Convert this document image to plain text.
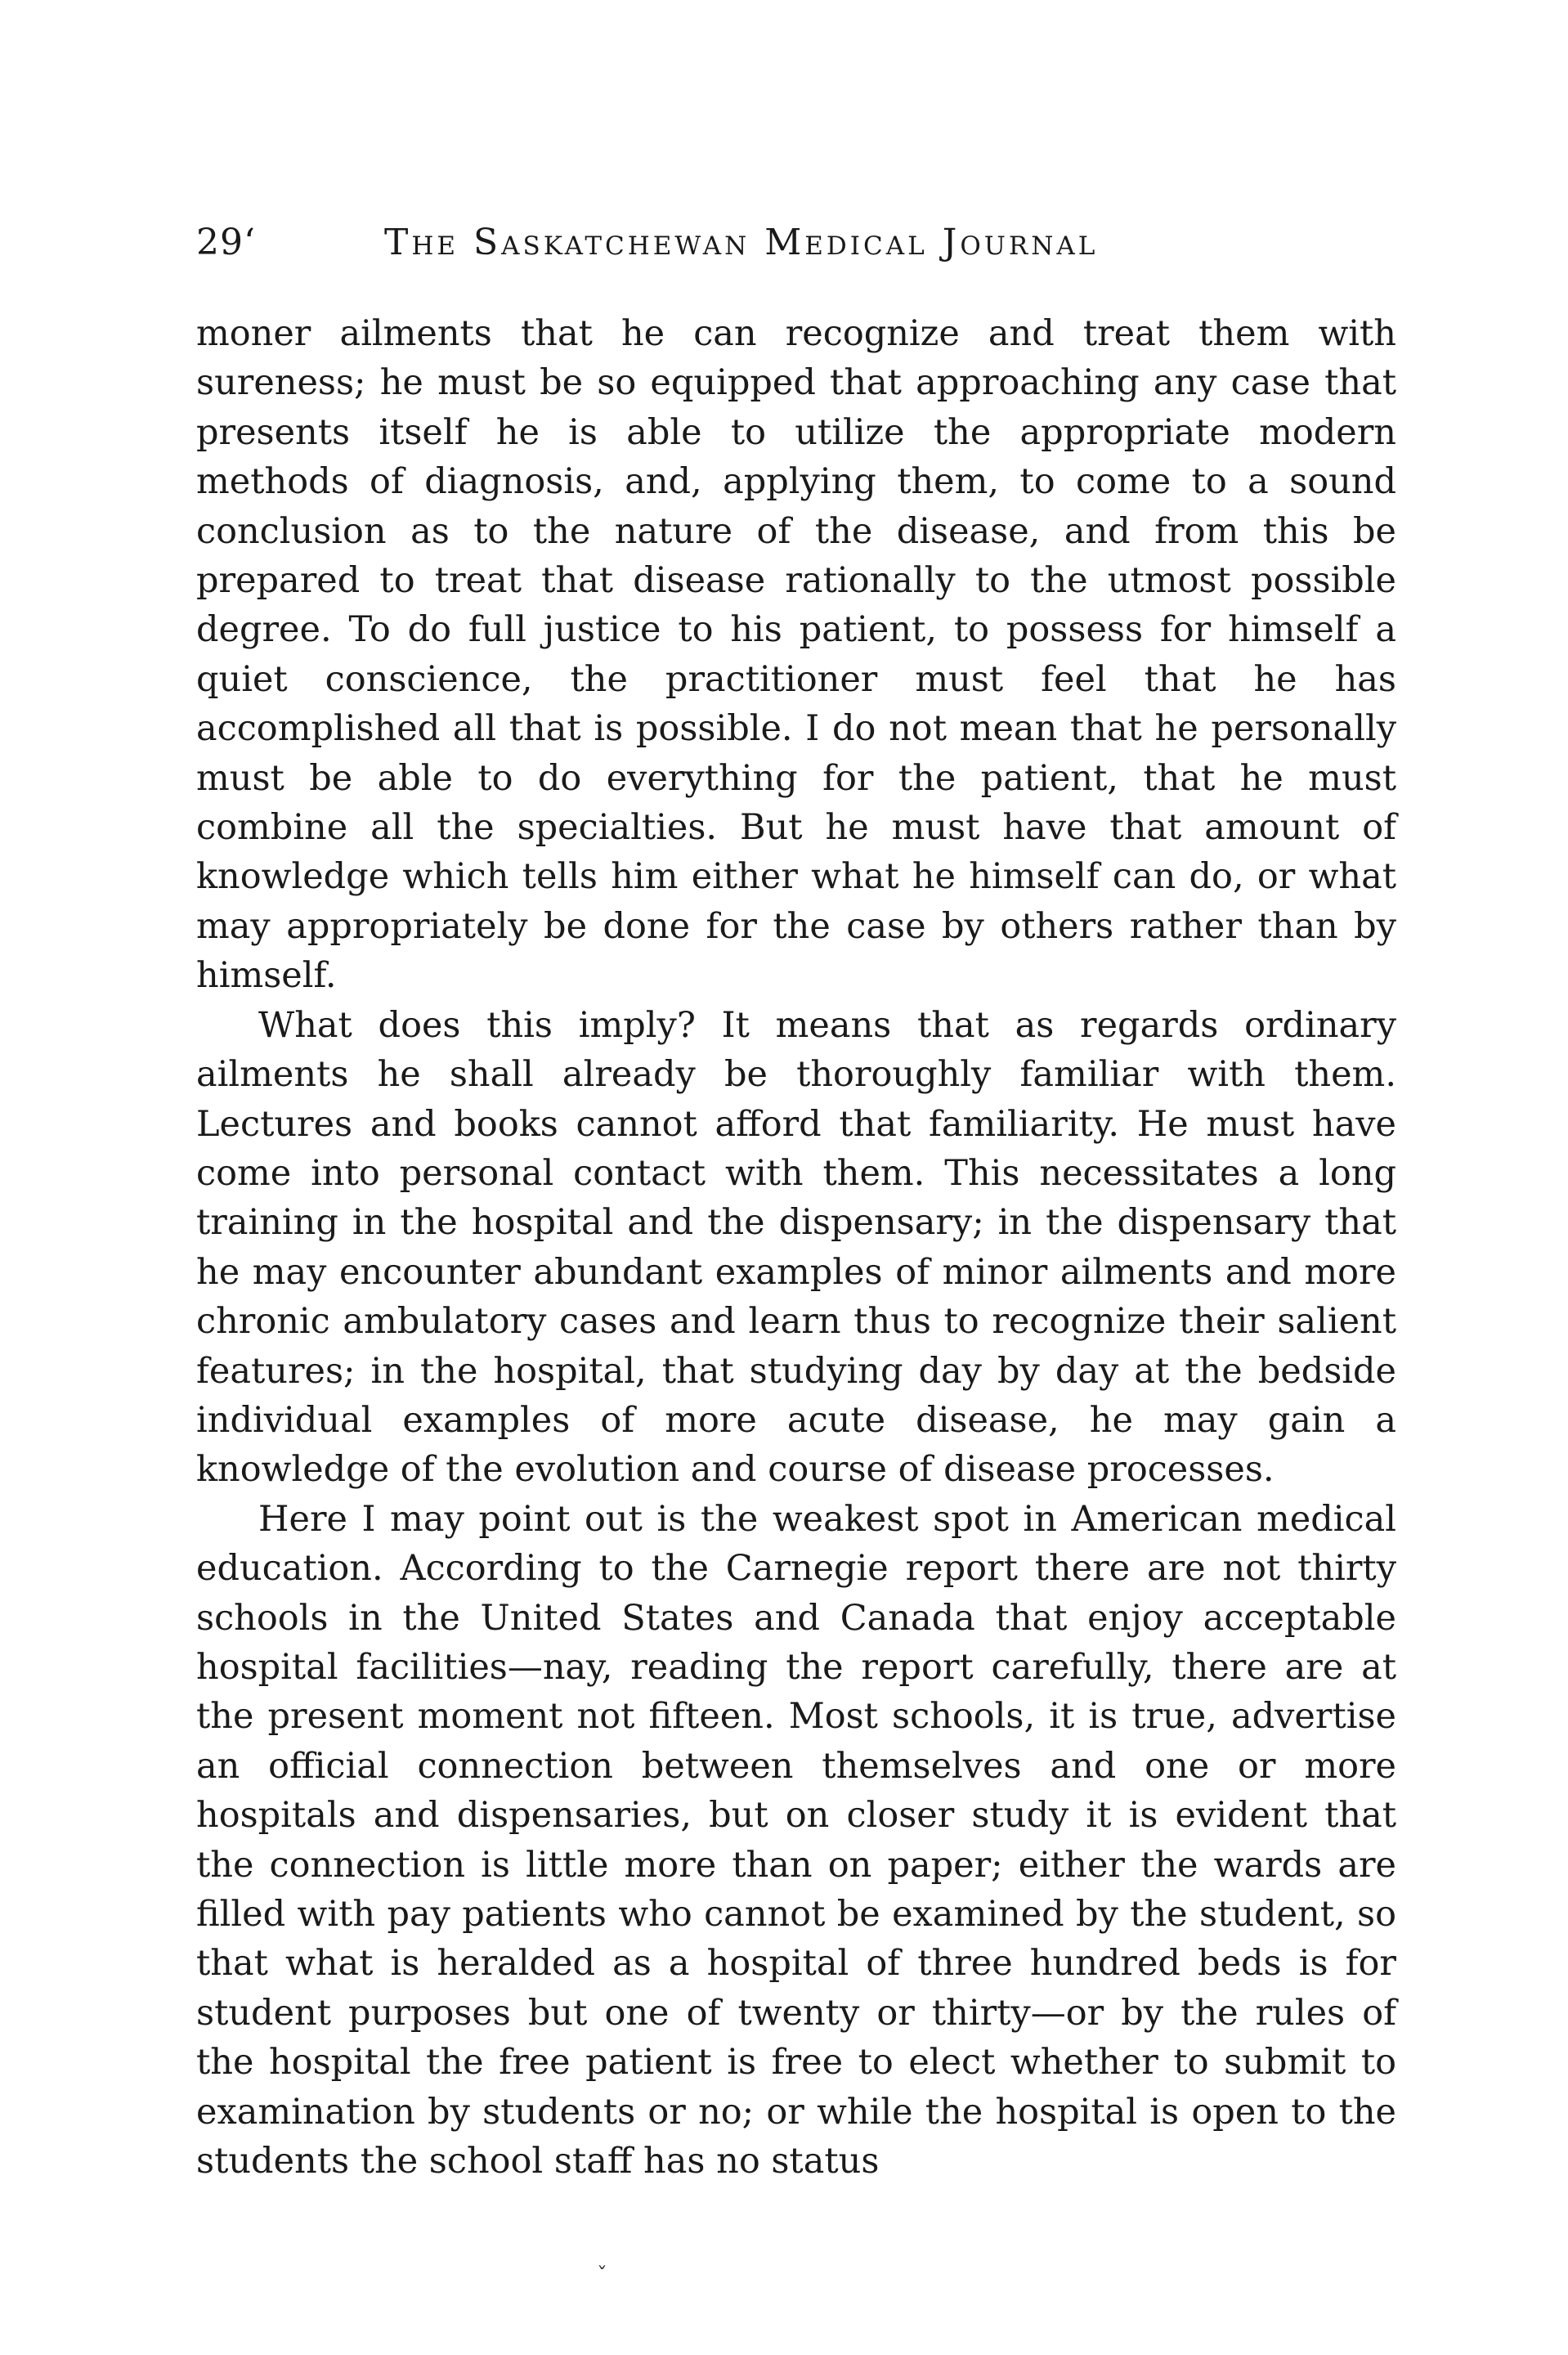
29‘	The Saskatchewan Medical Journal

moner ailments that he can recognize and treat them with sureness; he must be so equipped that approaching any case that presents itself he is able to utilize the appropriate modern methods of diagnosis, and, applying them, to come to a sound conclusion as to the nature of the disease, and from this be prepared to treat that disease rationally to the utmost possible degree. To do full justice to his patient, to possess for himself a quiet conscience, the practitioner must feel that he has accomplished all that is possible. I do not mean that he personally must be able to do everything for the patient, that he must combine all the specialties. But he must have that amount of knowledge which tells him either what he himself can do, or what may appropriately be done for the case by others rather than by himself.

What does this imply? It means that as regards ordinary ailments he shall already be thoroughly familiar with them. Lectures and books cannot afford that familiarity. He must have come into personal contact with them. This necessitates a long training in the hospital and the dispensary; in the dispensary that he may encounter abundant examples of minor ailments and more chronic ambulatory cases and learn thus to recognize their salient features; in the hospital, that studying day by day at the bedside individual examples of more acute disease, he may gain a knowledge of the evolution and course of disease processes.

Here I may point out is the weakest spot in American medical education. According to the Carnegie report there are not thirty schools in the United States and Canada that enjoy acceptable hospital facilities—nay, reading the report carefully, there are at the present moment not fifteen. Most schools, it is true, advertise an official connection between themselves and one or more hospitals and dispensaries, but on closer study it is evident that the connection is little more than on paper; either the wards are filled with pay patients who cannot be examined by the student, so that what is heralded as a hospital of three hundred beds is for student purposes but one of twenty or thirty—or by the rules of the hospital the free patient is free to elect whether to submit to examination by students or no; or while the hospital is open to the students the school staff has no status

ˇ
